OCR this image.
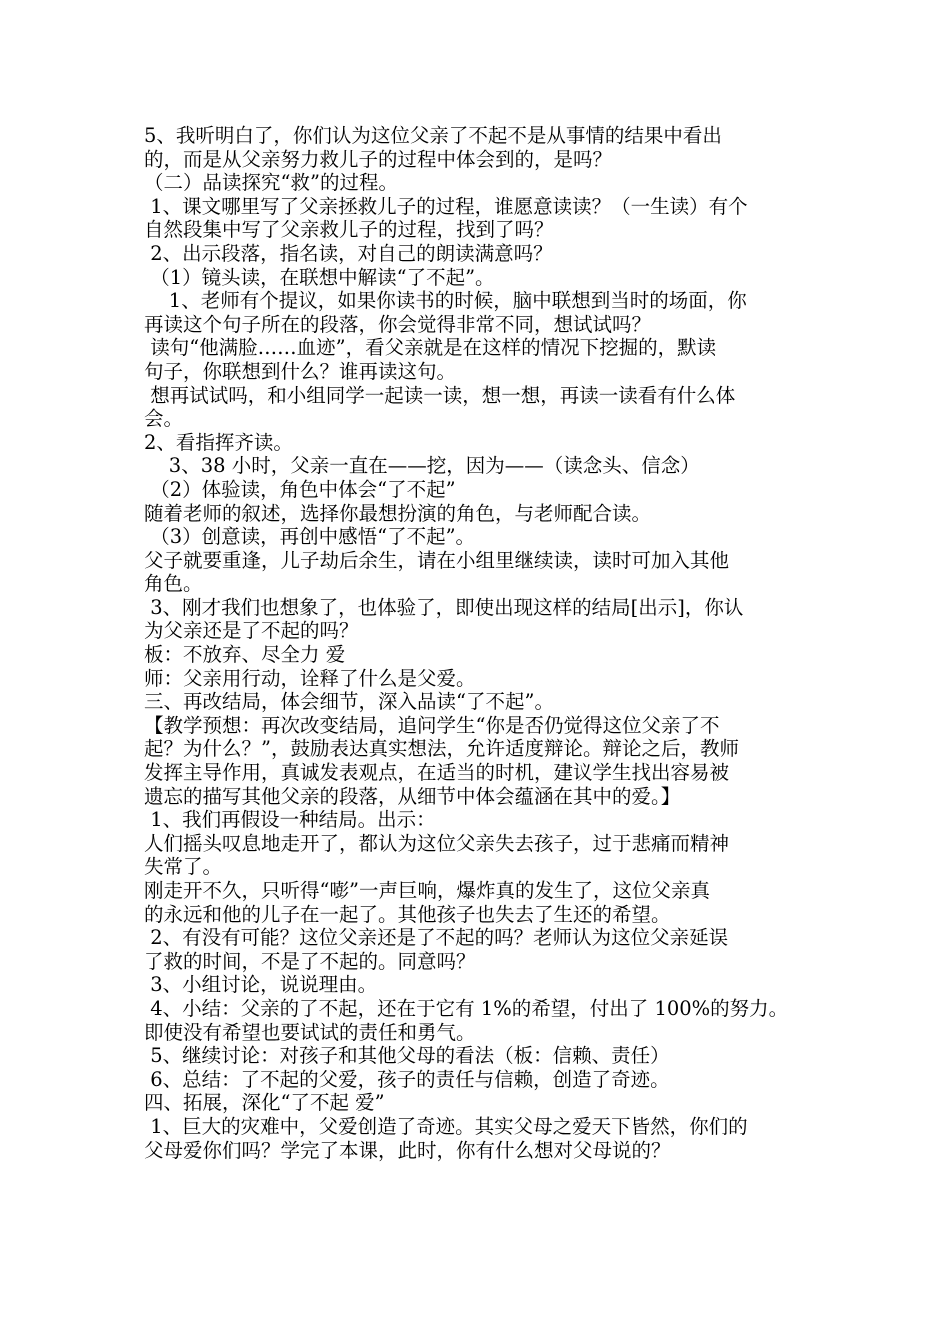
5、我听明白了，你们认为这位父亲了不起不是从事情的结果中看出
的，而是从父亲努力救儿子的过程中体会到的，是吗？
（二）品读探究“救”的过程。
1、课文哪里写了父亲拯救儿子的过程，谁愿意读读？（一生读）有个
自然段集中写了父亲救儿子的过程，找到了吗？
2、出示段落，指名读，对自己的朗读满意吗？
（1）镜头读，在联想中解读“了不起”。
1、老师有个提议，如果你读书的时候，脑中联想到当时的场面，你
再读这个句子所在的段落，你会觉得非常不同，想试试吗？
读句“他满脸……血迹”，看父亲就是在这样的情况下挖掘的，默读
句子，你联想到什么？谁再读这句。
想再试试吗，和小组同学一起读一读，想一想，再读一读看有什么体
会。
2、看指挥齐读。
3、38 小时，父亲一直在——挖，因为——（读念头、信念）
（2）体验读，角色中体会“了不起”
随着老师的叙述，选择你最想扮演的角色，与老师配合读。
（3）创意读，再创中感悟“了不起”。
父子就要重逢，儿子劫后余生，请在小组里继续读，读时可加入其他
角色。
3、刚才我们也想象了，也体验了，即使出现这样的结局[出示]，你认
为父亲还是了不起的吗？
板：不放弃、尽全力 爱
师：父亲用行动，诠释了什么是父爱。
三、再改结局，体会细节，深入品读“了不起”。
【教学预想：再次改变结局，追问学生“你是否仍觉得这位父亲了不
起？为什么？”，鼓励表达真实想法，允许适度辩论。辩论之后，教师
发挥主导作用，真诚发表观点，在适当的时机，建议学生找出容易被
遗忘的描写其他父亲的段落，从细节中体会蕴涵在其中的爱。】
1、我们再假设一种结局。出示：
人们摇头叹息地走开了，都认为这位父亲失去孩子，过于悲痛而精神
失常了。
刚走开不久，只听得“嘭”一声巨响，爆炸真的发生了，这位父亲真
的永远和他的儿子在一起了。其他孩子也失去了生还的希望。
2、有没有可能？这位父亲还是了不起的吗？老师认为这位父亲延误
了救的时间，不是了不起的。同意吗？
3、小组讨论，说说理由。
4、小结：父亲的了不起，还在于它有 1%的希望，付出了 100%的努力。
即使没有希望也要试试的责任和勇气。
5、继续讨论：对孩子和其他父母的看法（板：信赖、责任）
6、总结：了不起的父爱，孩子的责任与信赖，创造了奇迹。
四、拓展，深化“了不起 爱”
1、巨大的灾难中，父爱创造了奇迹。其实父母之爱天下皆然，你们的
父母爱你们吗？学完了本课，此时，你有什么想对父母说的？
